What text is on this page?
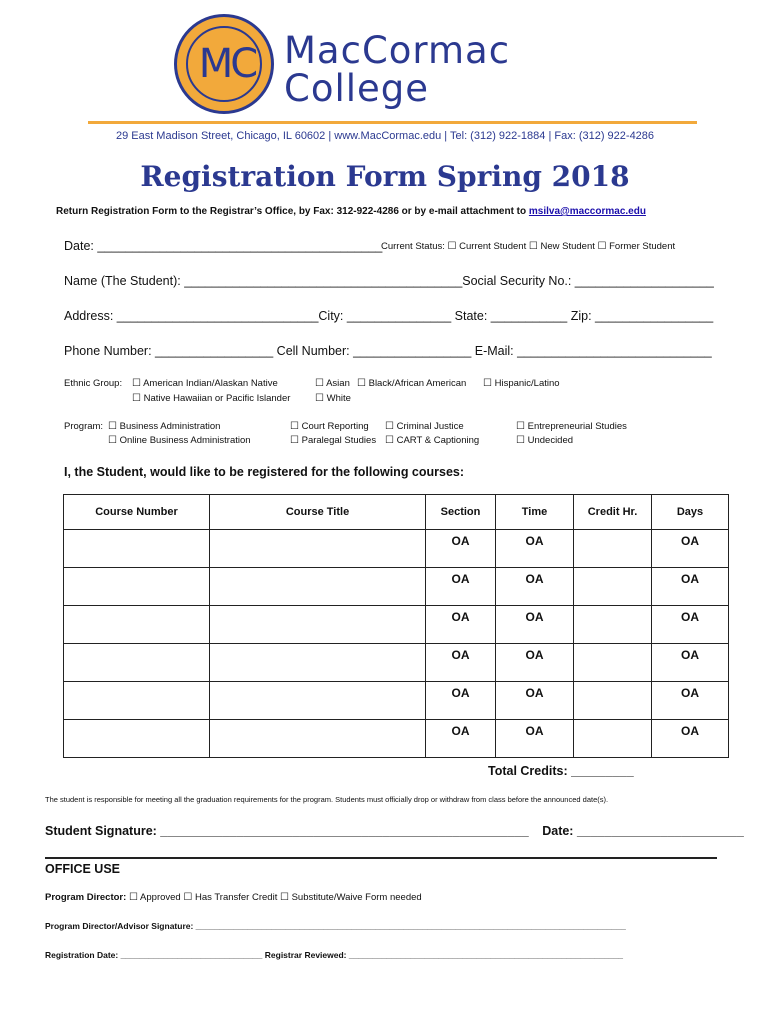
MC MacCormac
College
29 East Madison Street, Chicago, IL 60602 | www.MacCormac.edu | Tel: (312) 922-1884 | Fax: (312) 922-4286
Registration Form Spring 2018
Return Registration Form to the Registrar’s Office, by Fax: 312-922-4286 or by e-mail attachment to msilva@maccormac.edu
Date: _________________________________________
Current Status: ☐ Current Student ☐ New Student ☐ Former Student
Name (The Student): ________________________________________Social Security No.: ____________________
Address: _____________________________City: _______________ State: ___________ Zip: _________________
Phone Number: _________________ Cell Number: _________________ E-Mail: ____________________________
Ethnic Group: ☐ American Indian/Alaskan Native	☐ Asian ☐ Black/African American ☐ Hispanic/Latino
☐ Native Hawaiian or Pacific Islander ☐ White
Program: ☐ Business Administration	☐ Court Reporting ☐ Criminal Justice	☐ Entrepreneurial Studies
☐ Online Business Administration	☐ Paralegal Studies ☐ CART & Captioning	☐ Undecided
I, the Student, would like to be registered for the following courses:
Course Number	Course Title	Section	Time	Credit Hr.	Days
		OA	OA		OA
		OA	OA		OA
		OA	OA		OA
		OA	OA		OA
		OA	OA		OA
		OA	OA		OA
Total Credits: _________
The student is responsible for meeting all the graduation requirements for the program. Students must officially drop or withdraw from class before the announced date(s).
Student Signature: _____________________________________________________ Date: ________________________
OFFICE USE
Program Director: ☐ Approved ☐ Has Transfer Credit ☐ Substitute/Waive Form needed
Program Director/Advisor Signature: ___________________________________________________________________________________________
Registration Date: ______________________________ Registrar Reviewed: __________________________________________________________
